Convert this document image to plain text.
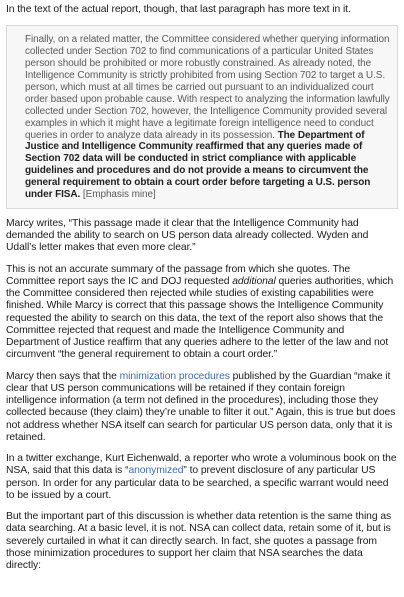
In the text of the actual report, though, that last paragraph has more text in it.

Finally, on a related matter, the Committee considered whether querying information collected under Section 702 to find communications of a particular United States person should be prohibited or more robustly constrained. As already noted, the Intelligence Community is strictly prohibited from using Section 702 to target a U.S. person, which must at all times be carried out pursuant to an individualized court order based upon probable cause. With respect to analyzing the information lawfully collected under Section 702, however, the Intelligence Community provided several examples in which it might have a legitimate foreign intelligence need to conduct queries in order to analyze data already in its possession. The Department of Justice and Intelligence Community reaffirmed that any queries made of Section 702 data will be conducted in strict compliance with applicable guidelines and procedures and do not provide a means to circumvent the general requirement to obtain a court order before targeting a U.S. person under FISA. [Emphasis mine]

Marcy writes, “This passage made it clear that the Intelligence Community had demanded the ability to search on US person data already collected. Wyden and Udall’s letter makes that even more clear.”

This is not an accurate summary of the passage from which she quotes. The Committee report says the IC and DOJ requested additional queries authorities, which the Committee considered then rejected while studies of existing capabilities were finished. While Marcy is correct that this passage shows the Intelligence Community requested the ability to search on this data, the text of the report also shows that the Committee rejected that request and made the Intelligence Community and Department of Justice reaffirm that any queries adhere to the letter of the law and not circumvent “the general requirement to obtain a court order.”

Marcy then says that the minimization procedures published by the Guardian “make it clear that US person communications will be retained if they contain foreign intelligence information (a term not defined in the procedures), including those they collected because (they claim) they’re unable to filter it out.” Again, this is true but does not address whether NSA itself can search for particular US person data, only that it is retained.

In a twitter exchange, Kurt Eichenwald, a reporter who wrote a voluminous book on the NSA, said that this data is “anonymized” to prevent disclosure of any particular US person. In order for any particular data to be searched, a specific warrant would need to be issued by a court.

But the important part of this discussion is whether data retention is the same thing as data searching. At a basic level, it is not. NSA can collect data, retain some of it, but is severely curtailed in what it can directly search. In fact, she quotes a passage from those minimization procedures to support her claim that NSA searches the data directly:
